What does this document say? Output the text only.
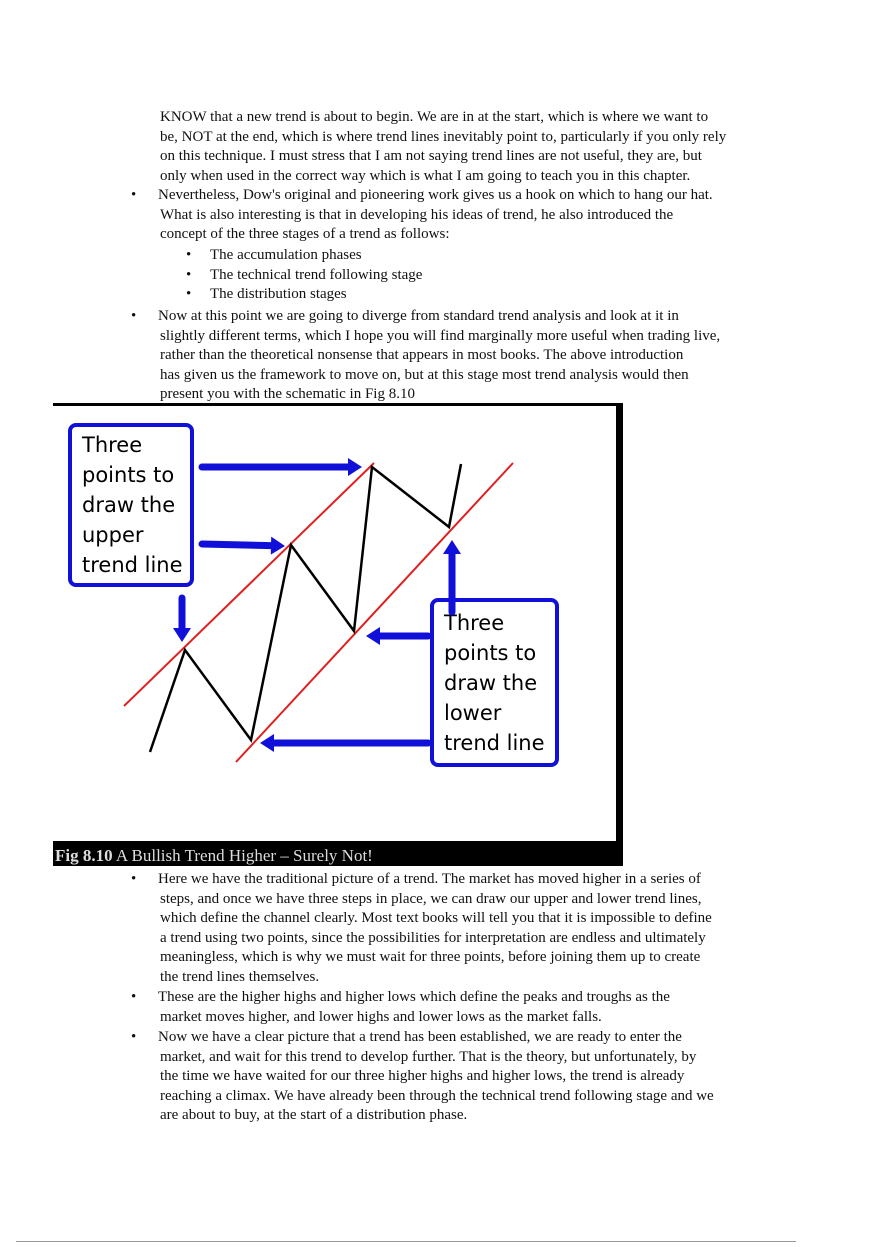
KNOW that a new trend is about to begin. We are in at the start, which is where we want to
be, NOT at the end, which is where trend lines inevitably point to, particularly if you only rely
on this technique. I must stress that I am not saying trend lines are not useful, they are, but
only when used in the correct way which is what I am going to teach you in this chapter.
• Nevertheless, Dow's original and pioneering work gives us a hook on which to hang our hat.
What is also interesting is that in developing his ideas of trend, he also introduced the
concept of the three stages of a trend as follows:
• Now at this point we are going to diverge from standard trend analysis and look at it in
slightly different terms, which I hope you will find marginally more useful when trading live,
rather than the theoretical nonsense that appears in most books. The above introduction
has given us the framework to move on, but at this stage most trend analysis would then
present you with the schematic in Fig 8.10
• Here we have the traditional picture of a trend. The market has moved higher in a series of
steps, and once we have three steps in place, we can draw our upper and lower trend lines,
which define the channel clearly. Most text books will tell you that it is impossible to define
a trend using two points, since the possibilities for interpretation are endless and ultimately
meaningless, which is why we must wait for three points, before joining them up to create
the trend lines themselves.
• These are the higher highs and higher lows which define the peaks and troughs as the
market moves higher, and lower highs and lower lows as the market falls.
• Now we have a clear picture that a trend has been established, we are ready to enter the
market, and wait for this trend to develop further. That is the theory, but unfortunately, by
the time we have waited for our three higher highs and higher lows, the trend is already
reaching a climax. We have already been through the technical trend following stage and we
are about to buy, at the start of a distribution phase.
• The accumulation phases
• The technical trend following stage
• The distribution stages
Three
points to
draw the
upper
trend line
Three
points to
draw the
lower
trend line
Fig 8.10 A Bullish Trend Higher – Surely Not!
